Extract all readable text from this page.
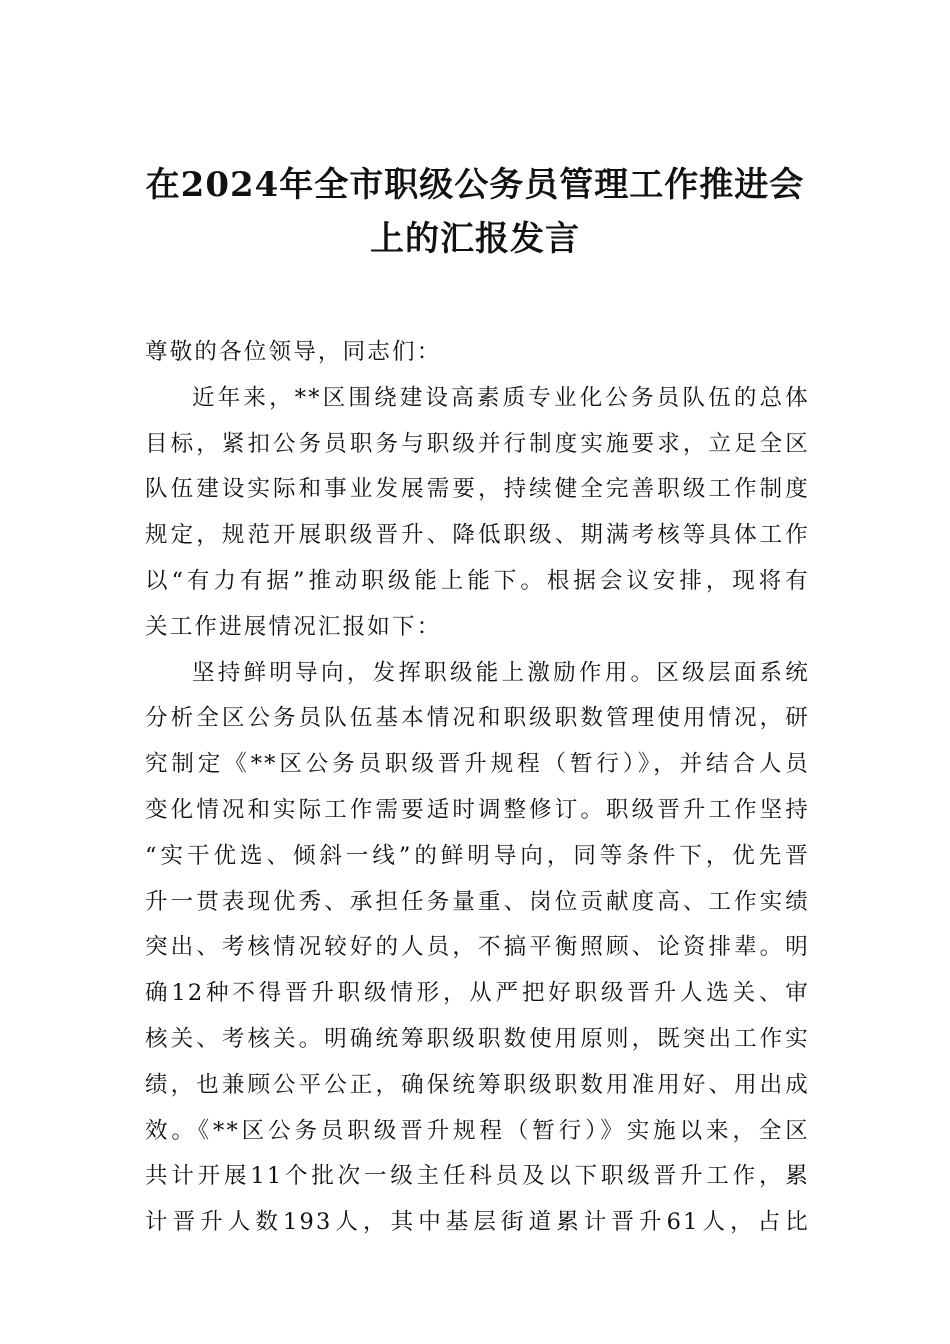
在2024年全市职级公务员管理工作推进会
上的汇报发言

尊敬的各位领导，同志们：

近年来，**区围绕建设高素质专业化公务员队伍的总体
目标，紧扣公务员职务与职级并行制度实施要求，立足全区
队伍建设实际和事业发展需要，持续健全完善职级工作制度
规定，规范开展职级晋升、降低职级、期满考核等具体工作
以“有力有据”推动职级能上能下。根据会议安排，现将有
关工作进展情况汇报如下：

坚持鲜明导向，发挥职级能上激励作用。区级层面系统
分析全区公务员队伍基本情况和职级职数管理使用情况，研
究制定《**区公务员职级晋升规程（暂行）》，并结合人员
变化情况和实际工作需要适时调整修订。职级晋升工作坚持
“实干优选、倾斜一线”的鲜明导向，同等条件下，优先晋
升一贯表现优秀、承担任务量重、岗位贡献度高、工作实绩
突出、考核情况较好的人员，不搞平衡照顾、论资排辈。明
确12种不得晋升职级情形，从严把好职级晋升人选关、审
核关、考核关。明确统筹职级职数使用原则，既突出工作实
绩，也兼顾公平公正，确保统筹职级职数用准用好、用出成
效。《**区公务员职级晋升规程（暂行）》实施以来，全区
共计开展11个批次一级主任科员及以下职级晋升工作，累
计晋升人数193人，其中基层街道累计晋升61人，占比
